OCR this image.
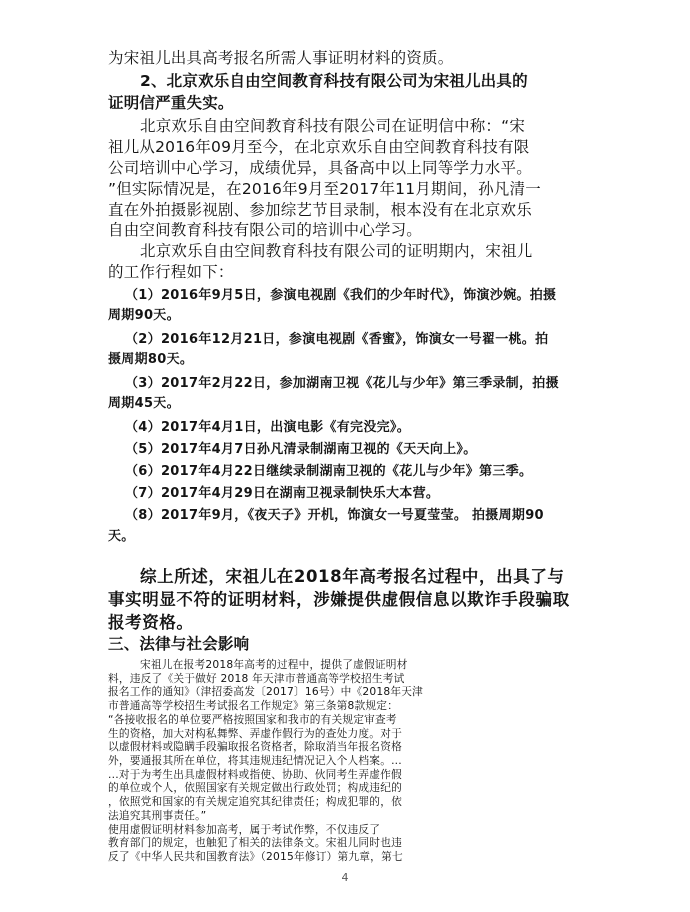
为宋祖儿出具高考报名所需人事证明材料的资质。
2、北京欢乐自由空间教育科技有限公司为宋祖儿出具的
证明信严重失实。
北京欢乐自由空间教育科技有限公司在证明信中称：“宋
祖儿从2016年09月至今，在北京欢乐自由空间教育科技有限
公司培训中心学习，成绩优异，具备高中以上同等学力水平。
”但实际情况是，在2016年9月至2017年11月期间，孙凡清一
直在外拍摄影视剧、参加综艺节目录制，根本没有在北京欢乐
自由空间教育科技有限公司的培训中心学习。
北京欢乐自由空间教育科技有限公司的证明期内，宋祖儿
的工作行程如下：
（1）2016年9月5日，参演电视剧《我们的少年时代》，饰演沙婉。拍摄
周期90天。
（2）2016年12月21日，参演电视剧《香蜜》，饰演女一号翟一桃。拍
摄周期80天。
（3）2017年2月22日，参加湖南卫视《花儿与少年》第三季录制，拍摄
周期45天。
（4）2017年4月1日，出演电影《有完没完》。
（5）2017年4月7日孙凡清录制湖南卫视的《天天向上》。
（6）2017年4月22日继续录制湖南卫视的《花儿与少年》第三季。
（7）2017年4月29日在湖南卫视录制快乐大本营。
（8）2017年9月，《夜天子》开机，饰演女一号夏莹莹。 拍摄周期90
天。
综上所述，宋祖儿在2018年高考报名过程中，出具了与
事实明显不符的证明材料，涉嫌提供虚假信息以欺诈手段骗取
报考资格。
三、法律与社会影响
宋祖儿在报考2018年高考的过程中，提供了虚假证明材
料，违反了《关于做好 2018 年天津市普通高等学校招生考试
报名工作的通知》（津招委高发〔2017〕16号）中《2018年天津
市普通高等学校招生考试报名工作规定》第三条第8款规定：
“各接收报名的单位要严格按照国家和我市的有关规定审查考
生的资格，加大对构私舞弊、弄虚作假行为的查处力度。对于
以虚假材料或隐瞒手段骗取报名资格者，除取消当年报名资格
外，要通报其所在单位，将其违规违纪情况记入个人档案。...
...对于为考生出具虚假材料或指使、协助、伙同考生弄虚作假
的单位或个人，依照国家有关规定做出行政处罚；构成违纪的
4
，依照党和国家的有关规定追究其纪律责任；构成犯罪的，依
法追究其刑事责任。”
使用虚假证明材料参加高考，属于考试作弊，不仅违反了
教育部门的规定，也触犯了相关的法律条文。宋祖儿同时也违
反了《中华人民共和国教育法》（2015年修订）第九章，第七
